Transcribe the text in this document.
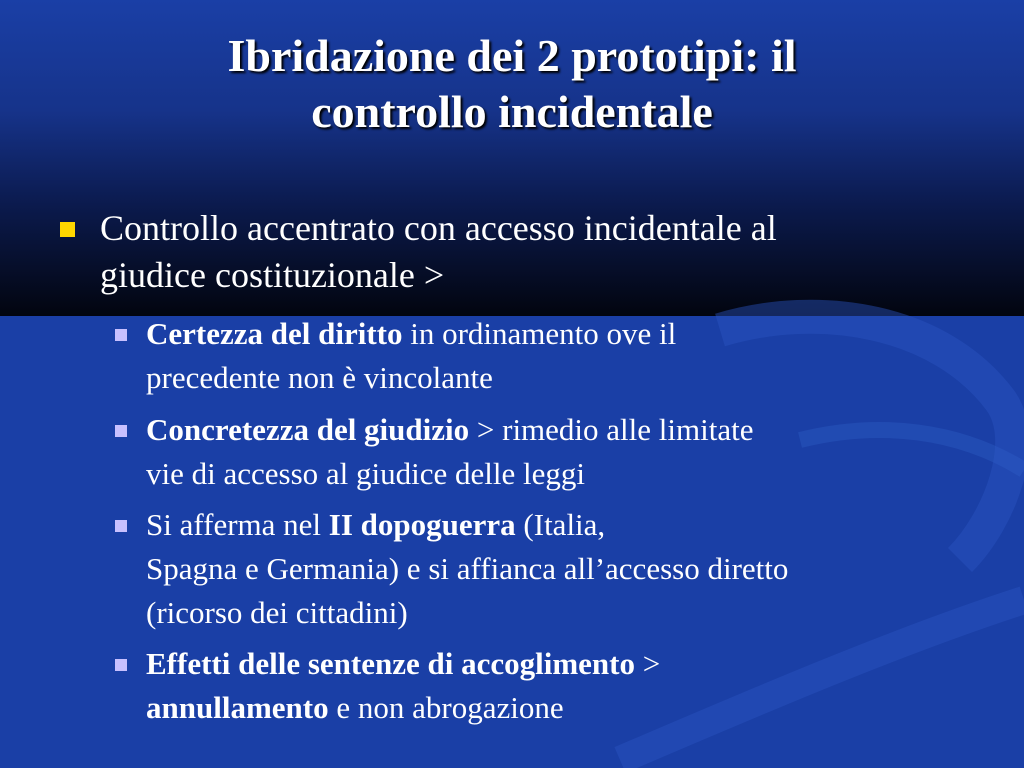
Ibridazione dei 2 prototipi: il
controllo incidentale
Controllo accentrato con accesso incidentale al
giudice costituzionale >
Certezza del diritto in ordinamento ove il
precedente non è vincolante
Concretezza del giudizio > rimedio alle limitate
vie di accesso al giudice delle leggi
Si afferma nel II dopoguerra (Italia,
Spagna e Germania) e si affianca all’accesso diretto
(ricorso dei cittadini)
Effetti delle sentenze di accoglimento >
annullamento e non abrogazione
